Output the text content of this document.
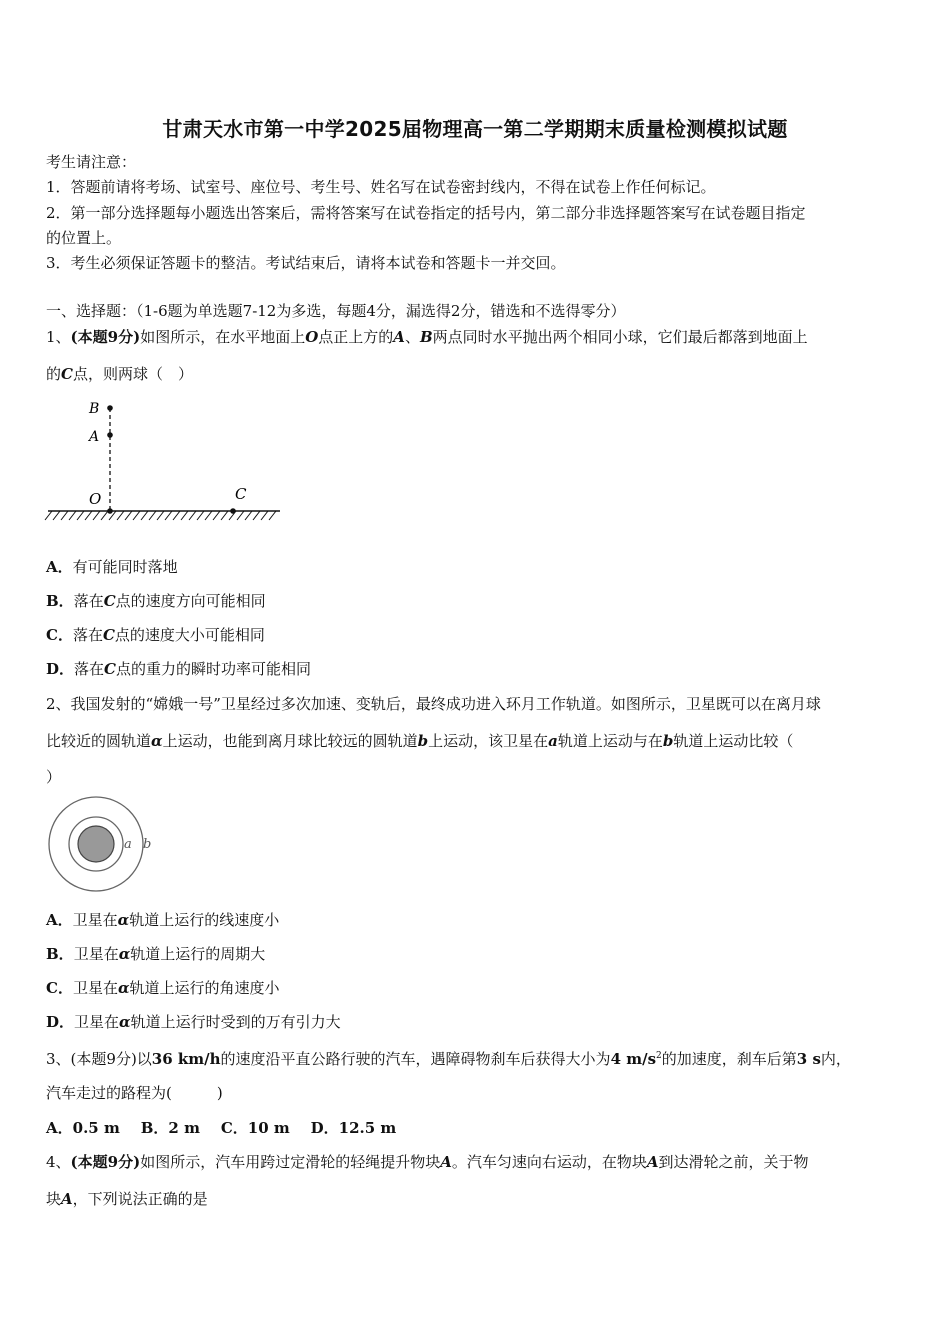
甘肃天水市第一中学2025届物理高一第二学期期末质量检测模拟试题
考生请注意：
1．答题前请将考场、试室号、座位号、考生号、姓名写在试卷密封线内，不得在试卷上作任何标记。
2．第一部分选择题每小题选出答案后，需将答案写在试卷指定的括号内，第二部分非选择题答案写在试卷题目指定
的位置上。
3．考生必须保证答题卡的整洁。考试结束后，请将本试卷和答题卡一并交回。
一、选择题：（1-6题为单选题7-12为多选，每题4分，漏选得2分，错选和不选得零分）
1、(本题9分)如图所示，在水平地面上O点正上方的A、B两点同时水平抛出两个相同小球，它们最后都落到地面上
的C点，则两球（　）
B
A
O	C
A．有可能同时落地
B．落在C点的速度方向可能相同
C．落在C点的速度大小可能相同
D．落在C点的重力的瞬时功率可能相同
2、我国发射的“嫦娥一号”卫星经过多次加速、变轨后，最终成功进入环月工作轨道。如图所示，卫星既可以在离月球
比较近的圆轨道α上运动，也能到离月球比较远的圆轨道b上运动，该卫星在a轨道上运动与在b轨道上运动比较（
）
a b
A．卫星在α轨道上运行的线速度小
B．卫星在α轨道上运行的周期大
C．卫星在α轨道上运行的角速度小
D．卫星在α轨道上运行时受到的万有引力大
3、(本题9分)以36 km/h的速度沿平直公路行驶的汽车，遇障碍物刹车后获得大小为4 $m/s^2$的加速度，刹车后第3 s内，
汽车走过的路程为(　　　)
A．0.5 m B．2 m C．10 m D．12.5 m
4、(本题9分)如图所示，汽车用跨过定滑轮的轻绳提升物块A。汽车匀速向右运动，在物块A到达滑轮之前，关于物
块A，下列说法正确的是
